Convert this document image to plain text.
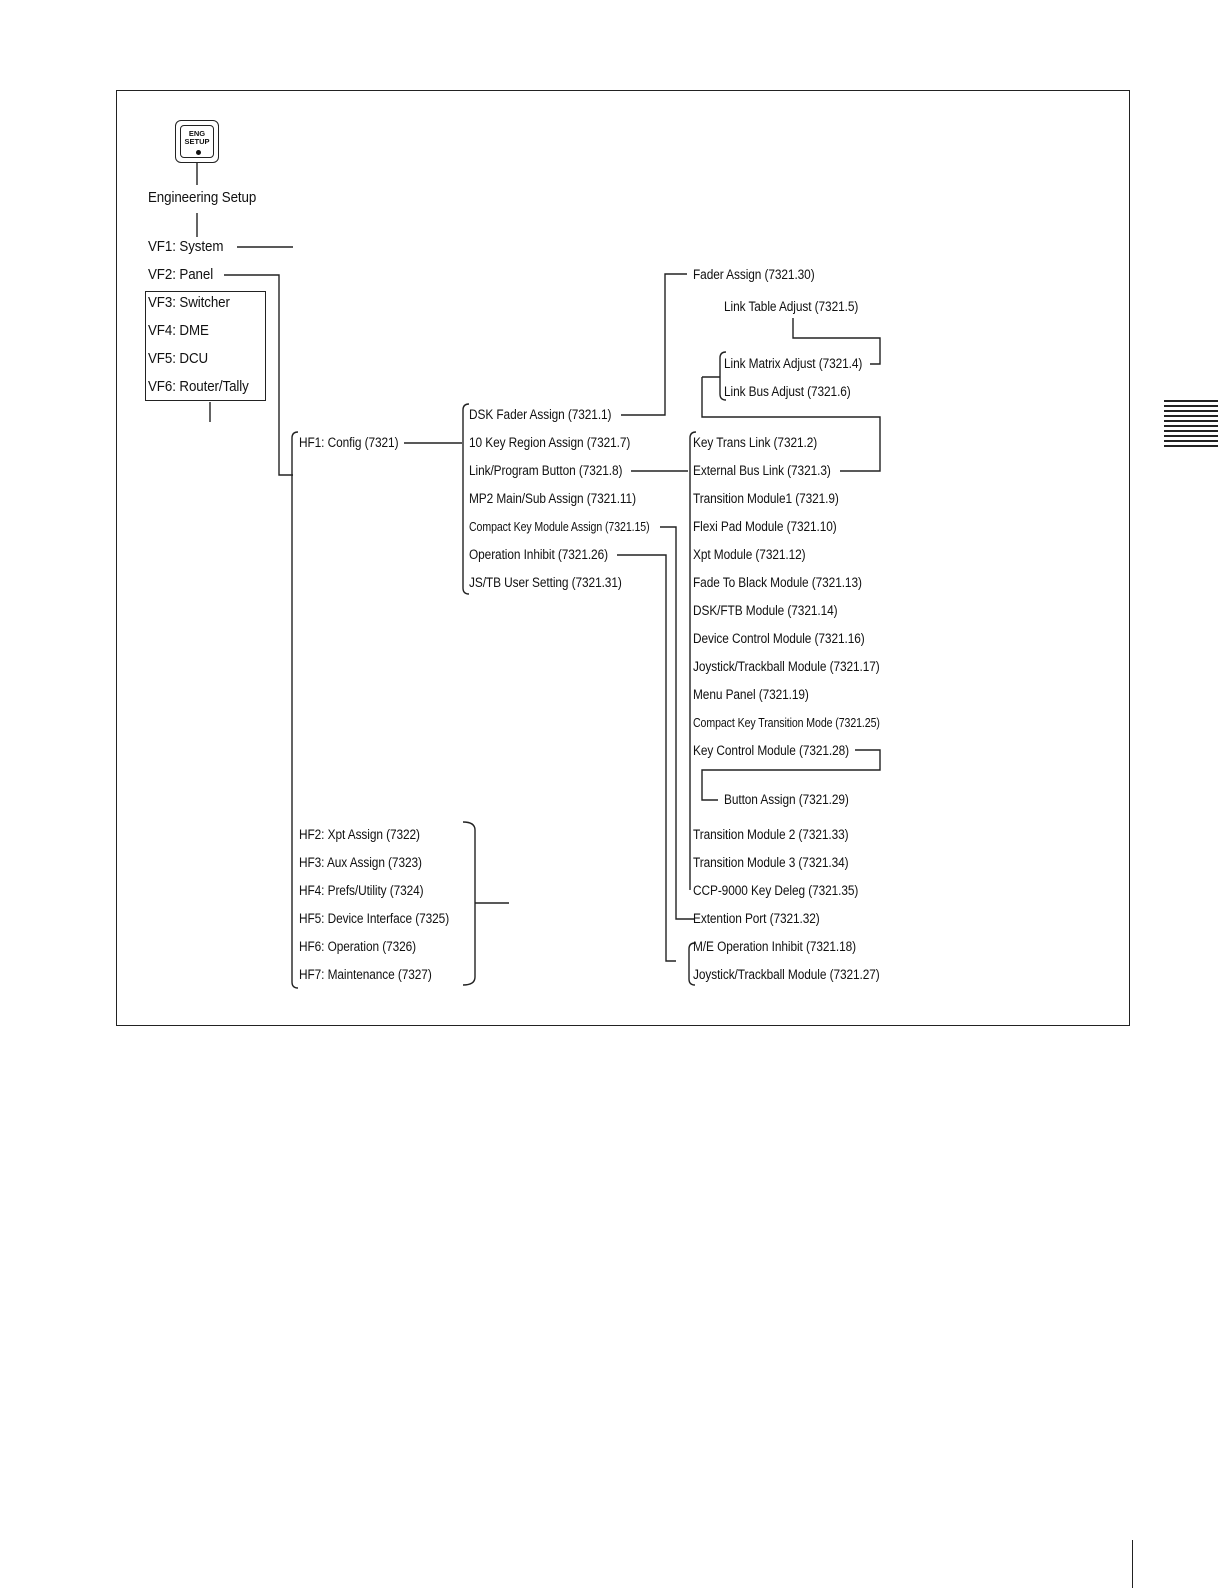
ENG
SETUP
Engineering Setup
VF1: System
VF2: Panel
VF3: Switcher
VF4: DME
VF5: DCU
VF6: Router/Tally
HF1: Config (7321)
HF2: Xpt Assign (7322)
HF3: Aux Assign (7323)
HF4: Prefs/Utility (7324)
HF5: Device Interface (7325)
HF6: Operation (7326)
HF7: Maintenance (7327)
DSK Fader Assign (7321.1)
10 Key Region Assign (7321.7)
Link/Program Button (7321.8)
MP2 Main/Sub Assign (7321.11)
Compact Key Module Assign (7321.15)
Operation Inhibit (7321.26)
JS/TB User Setting (7321.31)
Fader Assign (7321.30)
Link Table Adjust (7321.5)
Link Matrix Adjust (7321.4)
Link Bus Adjust (7321.6)
Key Trans Link (7321.2)
External Bus Link (7321.3)
Transition Module1 (7321.9)
Flexi Pad Module (7321.10)
Xpt Module (7321.12)
Fade To Black Module (7321.13)
DSK/FTB Module (7321.14)
Device Control Module (7321.16)
Joystick/Trackball Module (7321.17)
Menu Panel (7321.19)
Compact Key Transition Mode (7321.25)
Key Control Module (7321.28)
Button Assign (7321.29)
Transition Module 2 (7321.33)
Transition Module 3 (7321.34)
CCP-9000 Key Deleg (7321.35)
Extention Port (7321.32)
M/E Operation Inhibit (7321.18)
Joystick/Trackball Module (7321.27)
